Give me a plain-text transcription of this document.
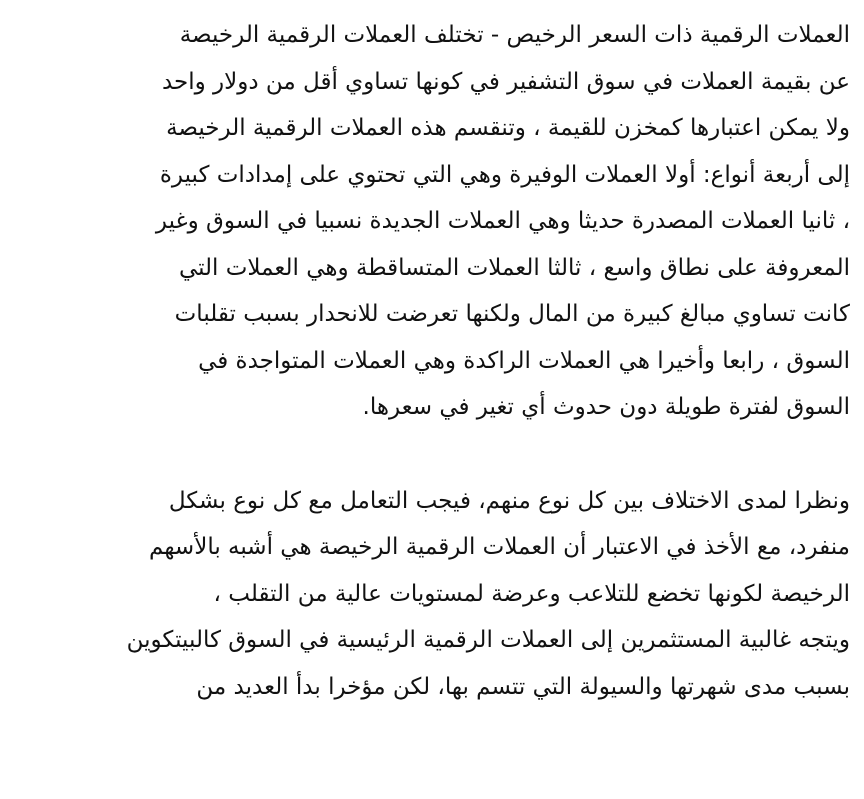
العملات الرقمية ذات السعر الرخيص - تختلف العملات الرقمية الرخيصة
عن بقيمة العملات في سوق التشفير في كونها تساوي أقل من دولار واحد
ولا يمكن اعتبارها كمخزن للقيمة ، وتنقسم هذه العملات الرقمية الرخيصة
إلى أربعة أنواع: أولا العملات الوفيرة وهي التي تحتوي على إمدادات كبيرة
، ثانيا العملات المصدرة حديثا وهي العملات الجديدة نسبيا في السوق وغير
المعروفة على نطاق واسع ، ثالثا العملات المتساقطة وهي العملات التي
كانت تساوي مبالغ كبيرة من المال ولكنها تعرضت للانحدار بسبب تقلبات
السوق ، رابعا وأخيرا هي العملات الراكدة وهي العملات المتواجدة في
السوق لفترة طويلة دون حدوث أي تغير في سعرها.

ونظرا لمدى الاختلاف بين كل نوع منهم، فيجب التعامل مع كل نوع بشكل
منفرد، مع الأخذ في الاعتبار أن العملات الرقمية الرخيصة هي أشبه بالأسهم
الرخيصة لكونها تخضع للتلاعب وعرضة لمستويات عالية من التقلب ،
ويتجه غالبية المستثمرين إلى العملات الرقمية الرئيسية في السوق كالبيتكوين
بسبب مدى شهرتها والسيولة التي تتسم بها، لكن مؤخرا بدأ العديد من
